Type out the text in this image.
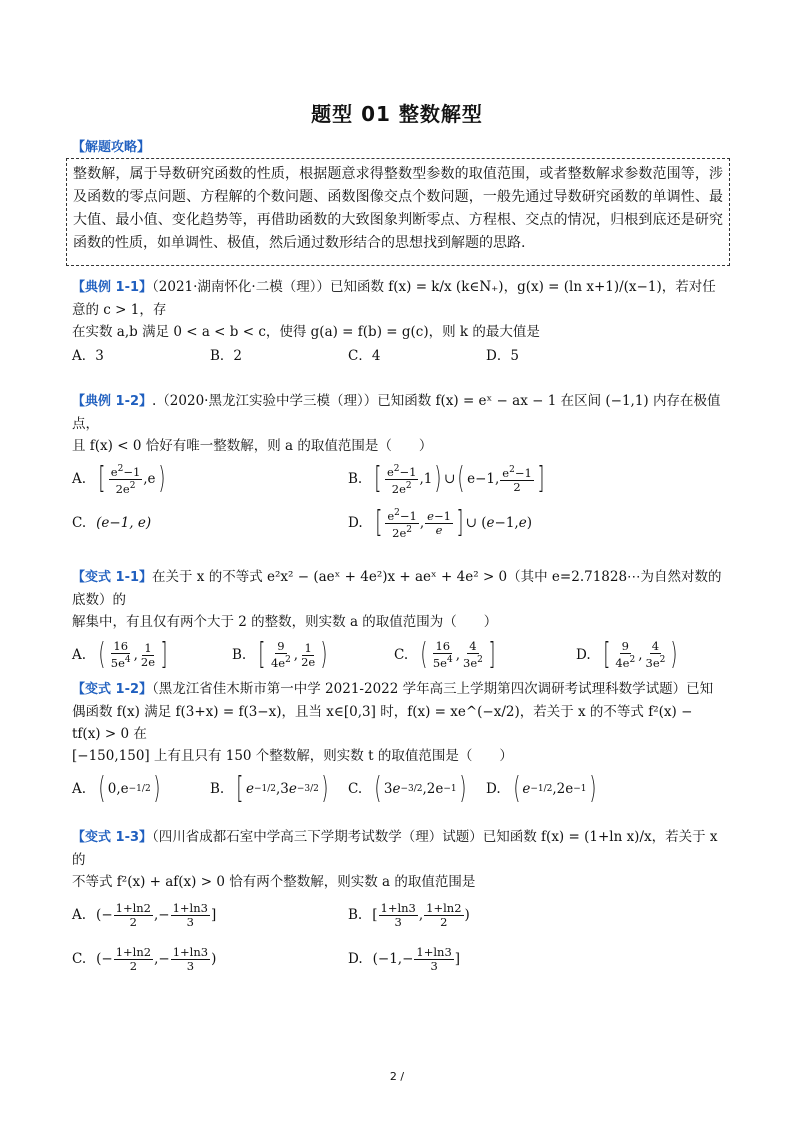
题型 01 整数解型
【解题攻略】

整数解，属于导数研究函数的性质，根据题意求得整数型参数的取值范围，或者整数解求参数范围等，涉及函数的零点问题、方程解的个数问题、函数图像交点个数问题，一般先通过导数研究函数的单调性、最大值、最小值、变化趋势等，再借助函数的大致图象判断零点、方程根、交点的情况，归根到底还是研究函数的性质，如单调性、极值，然后通过数形结合的思想找到解题的思路.

【典例 1-1】（2021·湖南怀化·二模（理））已知函数 f(x) = k/x (k∈N₊)，g(x) = (ln x+1)/(x−1)，若对任意的 c > 1，存

在实数 a,b 满足 0 < a < b < c，使得 g(a) = f(b) = g(c)，则 k 的最大值是

A．3	B．2	C．4	D．5

【典例 1-2】.（2020·黑龙江实验中学三模（理））已知函数 f(x) = eˣ − ax − 1 在区间 (−1,1) 内存在极值点，

且 f(x) < 0 恰好有唯一整数解，则 a 的取值范围是（　　）

A. [ $\frac{e^2-1}{2e^2} ,e$ )	B. [ $\frac{e^2-1}{2e^2} ,1$ ) ∪ ( e−1, $\frac{e^2-1}{2}$ ]
C. (e−1, e)	D. [ $\frac{e^2-1}{2e^2}$ , $\frac{e-1}{e}$ ] ∪ ( e −1, e )

【变式 1-1】在关于 x 的不等式 e²x² − (aeˣ + 4e²)x + aeˣ + 4e² > 0（其中 e=2.71828⋯为自然对数的底数）的

解集中，有且仅有两个大于 2 的整数，则实数 a 的取值范围为（　　）

A. ( $\frac{16}{5e^4}$ , $\frac{1}{2e}$ ]	B. [ $\frac{9}{4e^2}$ , $\frac{1}{2e}$ )	C. ( $\frac{16}{5e^4}$ , $\frac{4}{3e^2}$ ]	D. [ $\frac{9}{4e^2}$ , $\frac{4}{3e^2}$ )

【变式 1-2】（黑龙江省佳木斯市第一中学 2021-2022 学年高三上学期第四次调研考试理科数学试题）已知

偶函数 f(x) 满足 f(3+x) = f(3−x)，且当 x∈[0,3] 时，f(x) = xe^(−x/2)，若关于 x 的不等式 f²(x) − tf(x) > 0 在

[−150,150] 上有且只有 150 个整数解，则实数 t 的取值范围是（　　）

A. ( 0,e −1/2 )	B. [ e −1/2 ,3 e −3/2 ) C. ( 3 e −3/2 ,2e −1 ) D. ( e −1/2 ,2e −1 )

【变式 1-3】（四川省成都石室中学高三下学期考试数学（理）试题）已知函数 f(x) = (1+ln x)/x，若关于 x 的

不等式 f²(x) + af(x) > 0 恰有两个整数解，则实数 a 的取值范围是

A. (− $\frac{1+\ln 2}{2}$ ,− $\frac{1+\ln 3}{3}$ ]	B. [ $\frac{1+\ln 3}{3}$ , $\frac{1+\ln 2}{2}$ )
C. (− $\frac{1+\ln 2}{2}$ ,− $\frac{1+\ln 3}{3}$ )	D. ($-1,- \frac{1+\ln 3}{3}$ ]
2 /
